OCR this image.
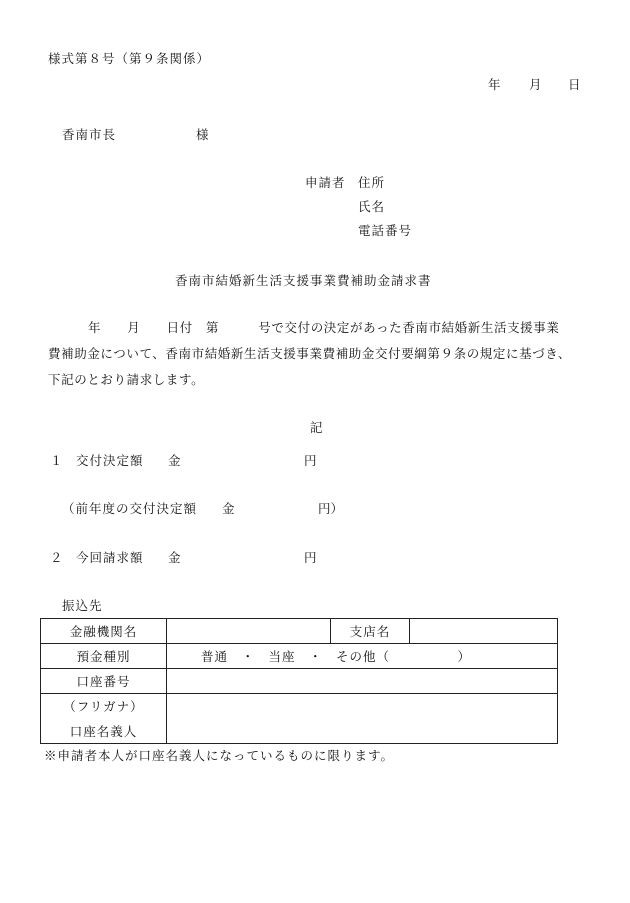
様式第８号（第９条関係）
年 月 日
香南市長	様
申請者 住所
氏名
電話番号
香南市結婚新生活支援事業費補助金請求書
年　　月　　日付　第　　　号で交付の決定があった香南市結婚新生活支援事業
費補助金について、香南市結婚新生活支援事業費補助金交付要綱第９条の規定に基づき、
下記のとおり請求します。
記
１ 交付決定額 金	円
（前年度の交付決定額 金	円）
２ 今回請求額 金	円
振込先
金融機関名		支店名	
預金種別	普通　・　当座　・　その他（　　　　　）		
口座番号			

（フリガナ）
口座名義人			

※申請者本人が口座名義人になっているものに限ります。
